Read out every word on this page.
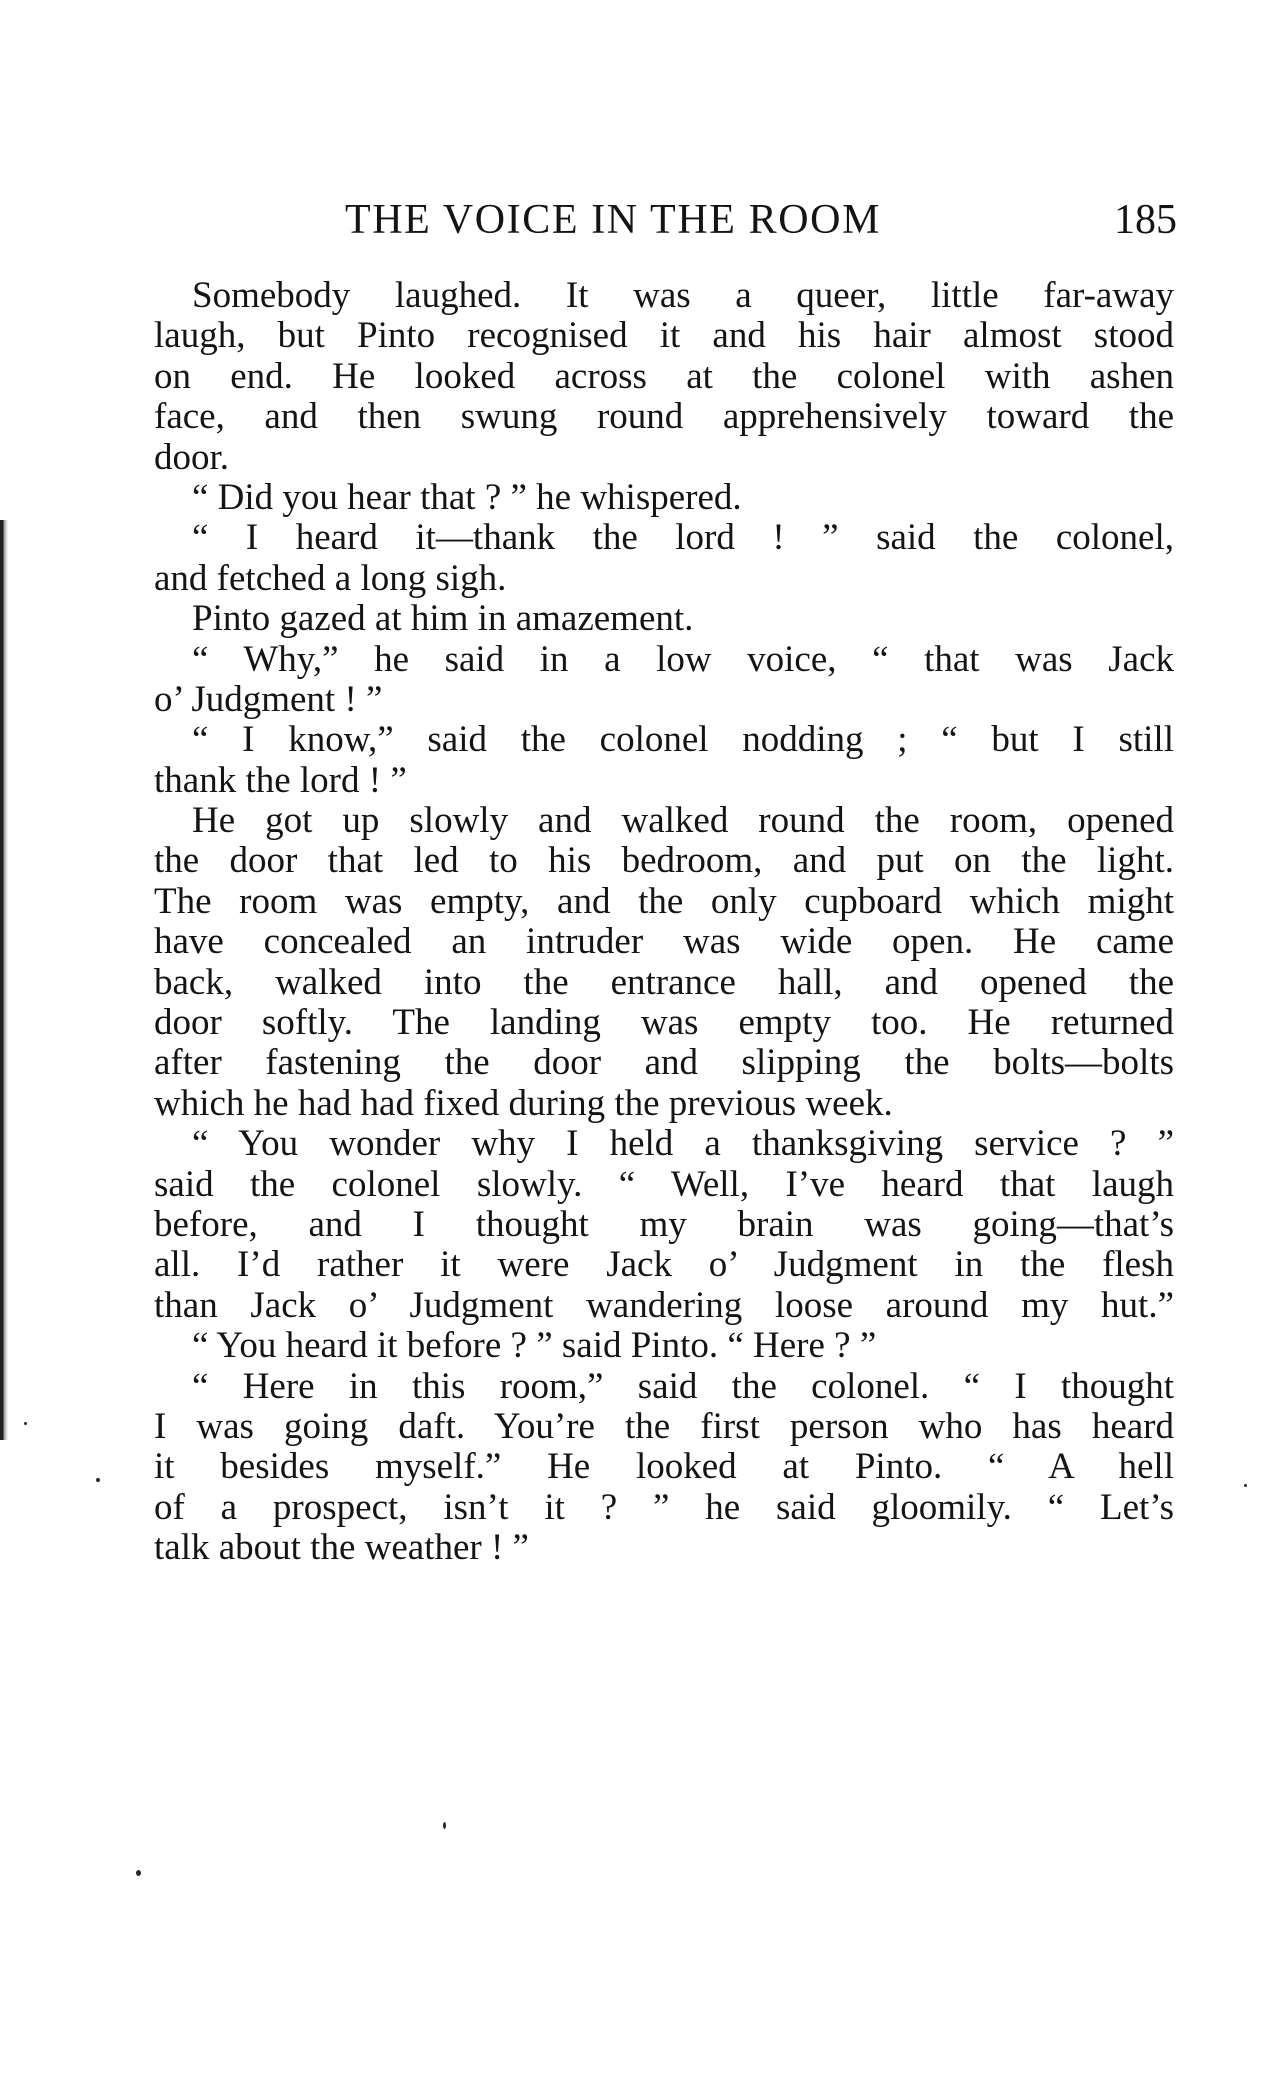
THE VOICE IN THE ROOM	185
Somebody laughed. It was a queer, little far-away
laugh, but Pinto recognised it and his hair almost stood
on end. He looked across at the colonel with ashen
face, and then swung round apprehensively toward the
door.
“ Did you hear that ? ” he whispered.
“ I heard it—thank the lord ! ” said the colonel,
and fetched a long sigh.
Pinto gazed at him in amazement.
“ Why,” he said in a low voice, “ that was Jack
o’ Judgment ! ”
“ I know,” said the colonel nodding ; “ but I still
thank the lord ! ”
He got up slowly and walked round the room, opened
the door that led to his bedroom, and put on the light.
The room was empty, and the only cupboard which might
have concealed an intruder was wide open. He came
back, walked into the entrance hall, and opened the
door softly. The landing was empty too. He returned
after fastening the door and slipping the bolts—bolts
which he had had fixed during the previous week.
“ You wonder why I held a thanksgiving service ? ”
said the colonel slowly. “ Well, I’ve heard that laugh
before, and I thought my brain was going—that’s
all. I’d rather it were Jack o’ Judgment in the flesh
than Jack o’ Judgment wandering loose around my hut.”
“ You heard it before ? ” said Pinto. “ Here ? ”
“ Here in this room,” said the colonel. “ I thought
I was going daft. You’re the first person who has heard
it besides myself.” He looked at Pinto. “ A hell
of a prospect, isn’t it ? ” he said gloomily. “ Let’s
talk about the weather ! ”
